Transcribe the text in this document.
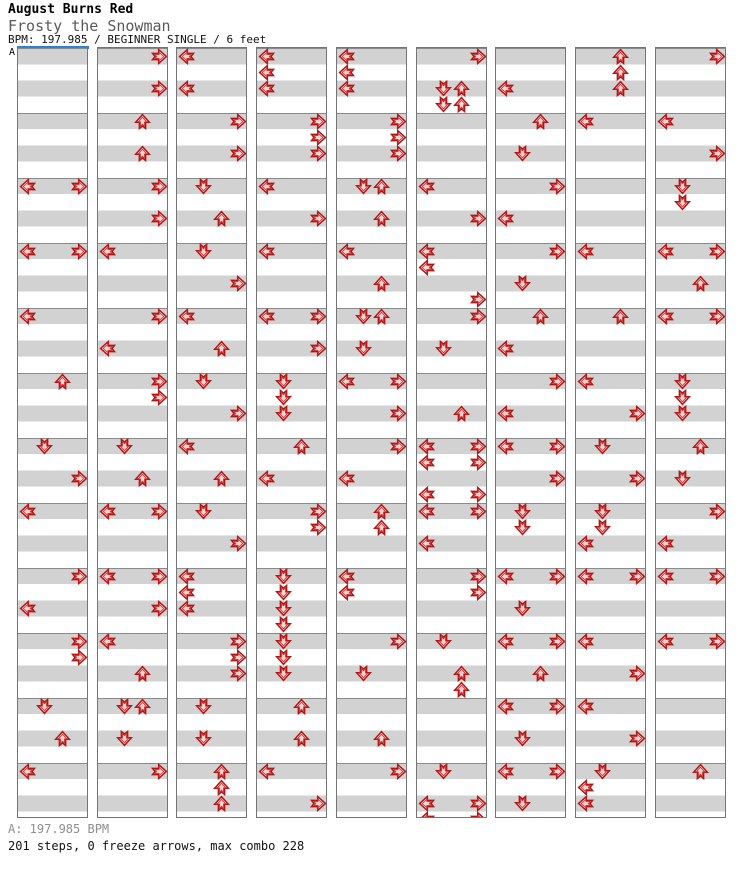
August Burns Red
Frosty the Snowman
BPM: 197.985 / BEGINNER SINGLE / 6 feet
A
A: 197.985 BPM
201 steps, 0 freeze arrows, max combo 228
